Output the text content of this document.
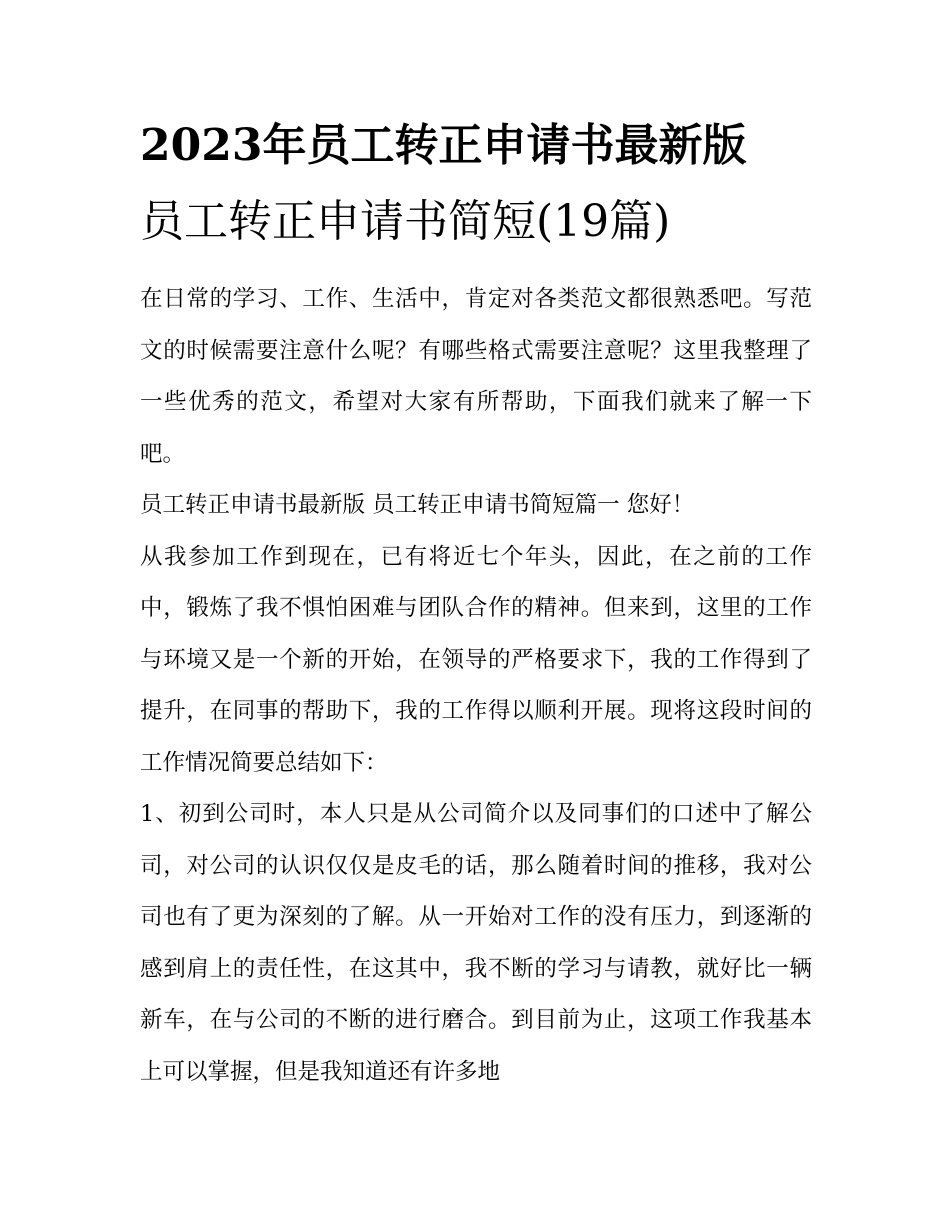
2023年员工转正申请书最新版
员工转正申请书简短(19篇)

在日常的学习、工作、生活中，肯定对各类范文都很熟悉吧。写范文的时候需要注意什么呢？有哪些格式需要注意呢？这里我整理了一些优秀的范文，希望对大家有所帮助，下面我们就来了解一下吧。

员工转正申请书最新版 员工转正申请书简短篇一 您好！

从我参加工作到现在，已有将近七个年头，因此，在之前的工作中，锻炼了我不惧怕困难与团队合作的精神。但来到，这里的工作与环境又是一个新的开始，在领导的严格要求下，我的工作得到了提升，在同事的帮助下，我的工作得以顺利开展。现将这段时间的工作情况简要总结如下：

1、初到公司时，本人只是从公司简介以及同事们的口述中了解公司，对公司的认识仅仅是皮毛的话，那么随着时间的推移，我对公司也有了更为深刻的了解。从一开始对工作的没有压力，到逐渐的感到肩上的责任性，在这其中，我不断的学习与请教，就好比一辆新车，在与公司的不断的进行磨合。到目前为止，这项工作我基本上可以掌握，但是我知道还有许多地
